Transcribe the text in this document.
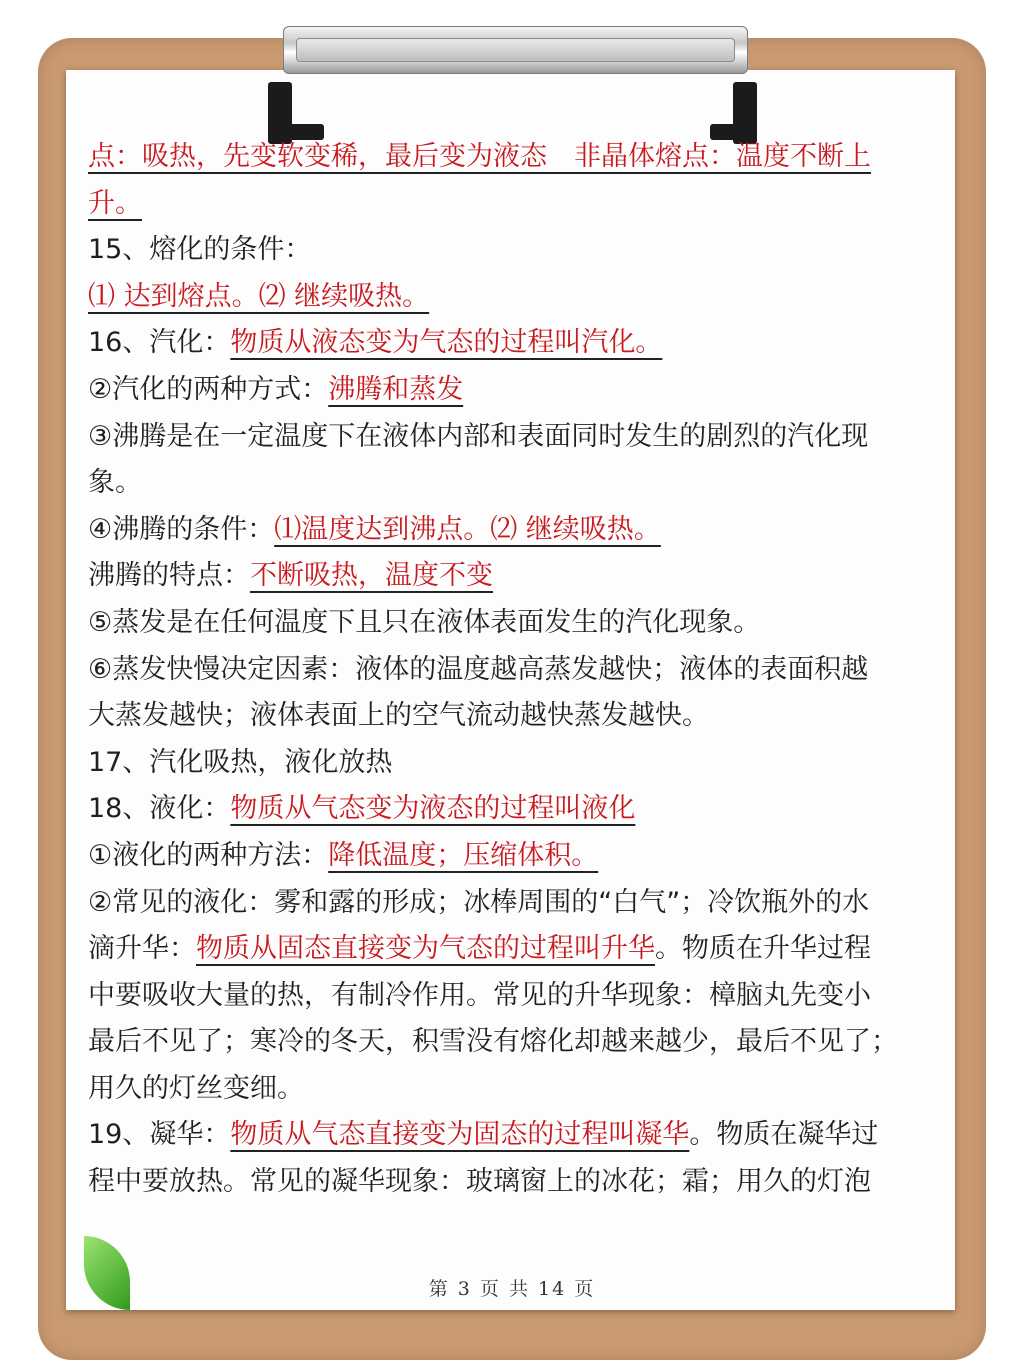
点：吸热，先变软变稀，最后变为液态　非晶体熔点：温度不断上

升。

15、熔化的条件：

⑴ 达到熔点。⑵ 继续吸热。

16、汽化：物质从液态变为气态的过程叫汽化。

②汽化的两种方式：沸腾和蒸发

③沸腾是在一定温度下在液体内部和表面同时发生的剧烈的汽化现

象。

④沸腾的条件：⑴温度达到沸点。⑵ 继续吸热。

沸腾的特点：不断吸热，温度不变

⑤蒸发是在任何温度下且只在液体表面发生的汽化现象。

⑥蒸发快慢决定因素：液体的温度越高蒸发越快；液体的表面积越

大蒸发越快；液体表面上的空气流动越快蒸发越快。

17、汽化吸热，液化放热

18、液化：物质从气态变为液态的过程叫液化

①液化的两种方法：降低温度；压缩体积。

②常见的液化：雾和露的形成；冰棒周围的“白气”；冷饮瓶外的水

滴升华：物质从固态直接变为气态的过程叫升华。物质在升华过程

中要吸收大量的热，有制冷作用。常见的升华现象：樟脑丸先变小

最后不见了；寒冷的冬天，积雪没有熔化却越来越少，最后不见了；

用久的灯丝变细。

19、凝华：物质从气态直接变为固态的过程叫凝华。物质在凝华过

程中要放热。常见的凝华现象：玻璃窗上的冰花；霜；用久的灯泡

第 3 页 共 14 页
